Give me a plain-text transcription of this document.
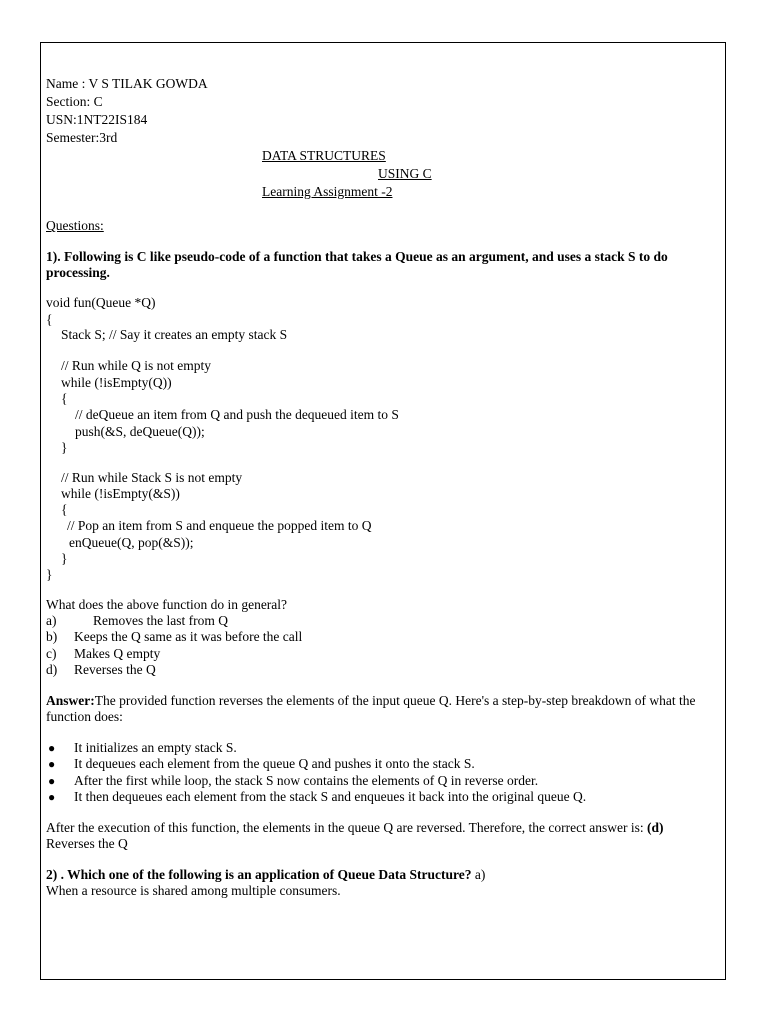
Name : V S TILAK GOWDA
Section: C
USN:1NT22IS184
Semester:3rd
DATA STRUCTURES
USING C
Learning Assignment -2
Questions:
1). Following is C like pseudo-code of a function that takes a Queue as an argument, and uses a stack S to do processing.
void fun(Queue *Q)
{
Stack S; // Say it creates an empty stack S
// Run while Q is not empty
while (!isEmpty(Q))
{
// deQueue an item from Q and push the dequeued item to S
push(&S, deQueue(Q));
}
// Run while Stack S is not empty
while (!isEmpty(&S))
{
// Pop an item from S and enqueue the popped item to Q
enQueue(Q, pop(&S));
}
}
What does the above function do in general?
a)	Removes the last from Q
b) Keeps the Q same as it was before the call
c) Makes Q empty
d) Reverses the Q
Answer:The provided function reverses the elements of the input queue Q. Here's a step-by-step breakdown of what the function does:
● It initializes an empty stack S.
● It dequeues each element from the queue Q and pushes it onto the stack S.
● After the first while loop, the stack S now contains the elements of Q in reverse order.
● It then dequeues each element from the stack S and enqueues it back into the original queue Q.
After the execution of this function, the elements in the queue Q are reversed. Therefore, the correct answer is: (d)
Reverses the Q
2) . Which one of the following is an application of Queue Data Structure? a)
When a resource is shared among multiple consumers.
